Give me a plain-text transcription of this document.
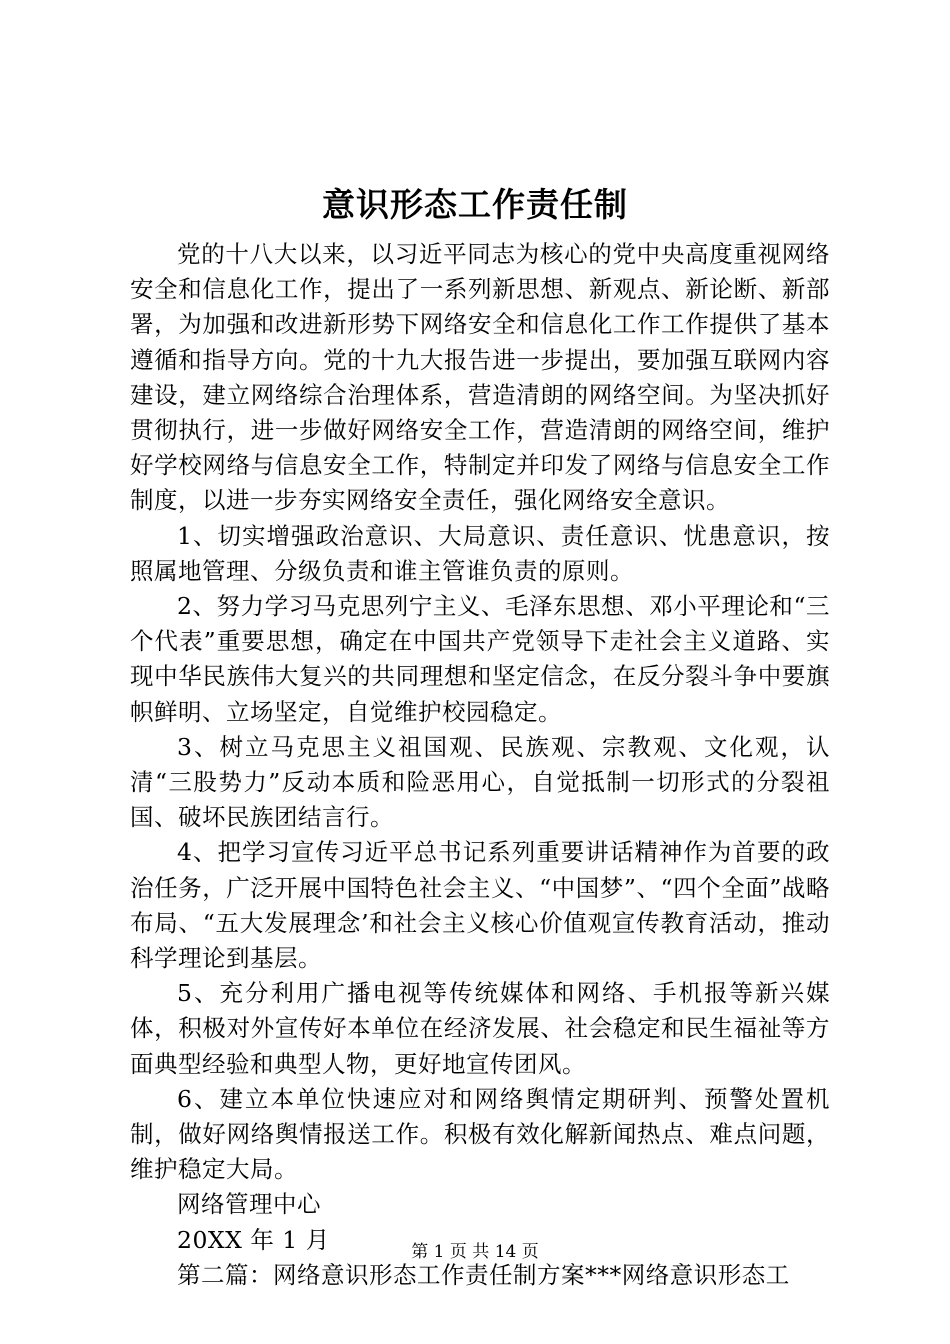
意识形态工作责任制

党的十八大以来，以习近平同志为核心的党中央高度重视网络安全和信息化工作，提出了一系列新思想、新观点、新论断、新部署，为加强和改进新形势下网络安全和信息化工作工作提供了基本遵循和指导方向。党的十九大报告进一步提出，要加强互联网内容建设，建立网络综合治理体系，营造清朗的网络空间。为坚决抓好贯彻执行，进一步做好网络安全工作，营造清朗的网络空间，维护好学校网络与信息安全工作，特制定并印发了网络与信息安全工作制度，以进一步夯实网络安全责任，强化网络安全意识。

1、切实增强政治意识、大局意识、责任意识、忧患意识，按照属地管理、分级负责和谁主管谁负责的原则。

2、努力学习马克思列宁主义、毛泽东思想、邓小平理论和“三个代表”重要思想，确定在中国共产党领导下走社会主义道路、实现中华民族伟大复兴的共同理想和坚定信念，在反分裂斗争中要旗帜鲜明、立场坚定，自觉维护校园稳定。

3、树立马克思主义祖国观、民族观、宗教观、文化观，认清“三股势力”反动本质和险恶用心，自觉抵制一切形式的分裂祖国、破坏民族团结言行。

4、把学习宣传习近平总书记系列重要讲话精神作为首要的政治任务，广泛开展中国特色社会主义、“中国梦”、“四个全面”战略布局、“五大发展理念’和社会主义核心价值观宣传教育活动，推动科学理论到基层。

5、充分利用广播电视等传统媒体和网络、手机报等新兴媒体，积极对外宣传好本单位在经济发展、社会稳定和民生福祉等方面典型经验和典型人物，更好地宣传团风。

6、建立本单位快速应对和网络舆情定期研判、预警处置机制，做好网络舆情报送工作。积极有效化解新闻热点、难点问题，维护稳定大局。

网络管理中心

20XX 年 1 月

第二篇：网络意识形态工作责任制方案***网络意识形态工

第 1 页 共 14 页
